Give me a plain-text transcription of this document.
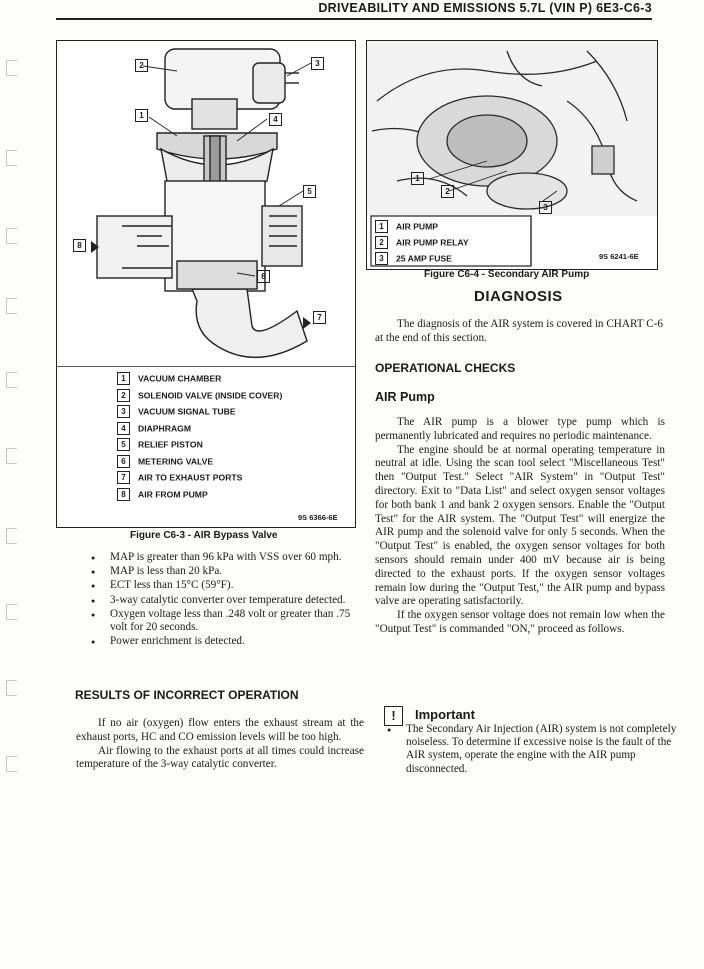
DRIVEABILITY AND EMISSIONS 5.7L (VIN P) 6E3-C6-3
2	3
1	4
5
8
6
7
1 VACUUM CHAMBER
2 SOLENOID VALVE (INSIDE COVER)
3 VACUUM SIGNAL TUBE
4 DIAPHRAGM
5 RELIEF PISTON
6 METERING VALVE
7 AIR TO EXHAUST PORTS
8 AIR FROM PUMP
9S 6366-6E
Figure C6-3 - AIR Bypass Valve
1
2
3
1 AIR PUMP
2 AIR PUMP RELAY
3 25 AMP FUSE	9S 6241-6E
Figure C6-4 - Secondary AIR Pump
● MAP is greater than 96 kPa with VSS over 60 mph.
● MAP is less than 20 kPa.
● ECT less than 15°C (59°F).
● 3-way catalytic converter over temperature detected.
● Oxygen voltage less than .248 volt or greater than .75 volt for 20 seconds.
● Power enrichment is detected.
RESULTS OF INCORRECT OPERATION

If no air (oxygen) flow enters the exhaust stream at the exhaust ports, HC and CO emission levels will be too high.

Air flowing to the exhaust ports at all times could increase temperature of the 3-way catalytic converter.

DIAGNOSIS

The diagnosis of the AIR system is covered in CHART C-6 at the end of this section.

OPERATIONAL CHECKS
AIR Pump

The AIR pump is a blower type pump which is permanently lubricated and requires no periodic maintenance.

The engine should be at normal operating temperature in neutral at idle. Using the scan tool select "Miscellaneous Test" then "Output Test." Select "AIR System" in "Output Test" directory. Exit to "Data List" and select oxygen sensor voltages for both bank 1 and bank 2 oxygen sensors. Enable the "Output Test" for the AIR system. The "Output Test" will energize the AIR pump and the solenoid valve for only 5 seconds. When the "Output Test" is enabled, the oxygen sensor voltages for both sensors should remain under 400 mV because air is being directed to the exhaust ports. If the oxygen sensor voltages remain low during the "Output Test," the AIR pump and bypass valve are operating satisfactorily.

If the oxygen sensor voltage does not remain low when the "Output Test" is commanded "ON," proceed as follows.

!	Important
● The Secondary Air Injection (AIR) system is not completely noiseless. To determine if excessive noise is the fault of the AIR system, operate the engine with the AIR pump disconnected.
